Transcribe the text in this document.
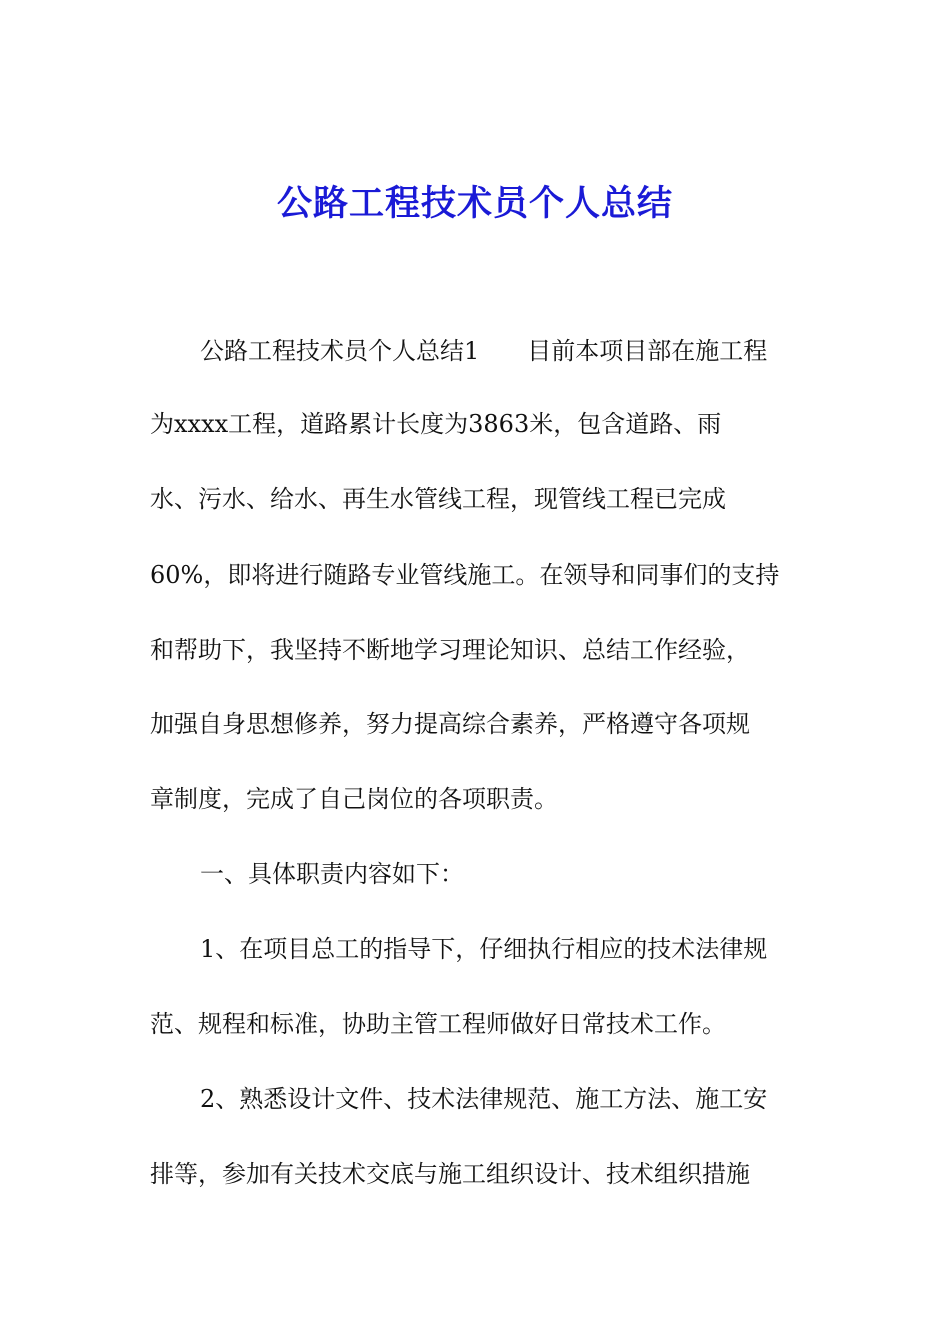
公路工程技术员个人总结
公路工程技术员个人总结1　　目前本项目部在施工程
为xxxx工程，道路累计长度为3863米，包含道路、雨
水、污水、给水、再生水管线工程，现管线工程已完成
60%，即将进行随路专业管线施工。在领导和同事们的支持
和帮助下，我坚持不断地学习理论知识、总结工作经验，
加强自身思想修养，努力提高综合素养，严格遵守各项规
章制度，完成了自己岗位的各项职责。
一、具体职责内容如下：
1、在项目总工的指导下，仔细执行相应的技术法律规
范、规程和标准，协助主管工程师做好日常技术工作。
2、熟悉设计文件、技术法律规范、施工方法、施工安
排等，参加有关技术交底与施工组织设计、技术组织措施
